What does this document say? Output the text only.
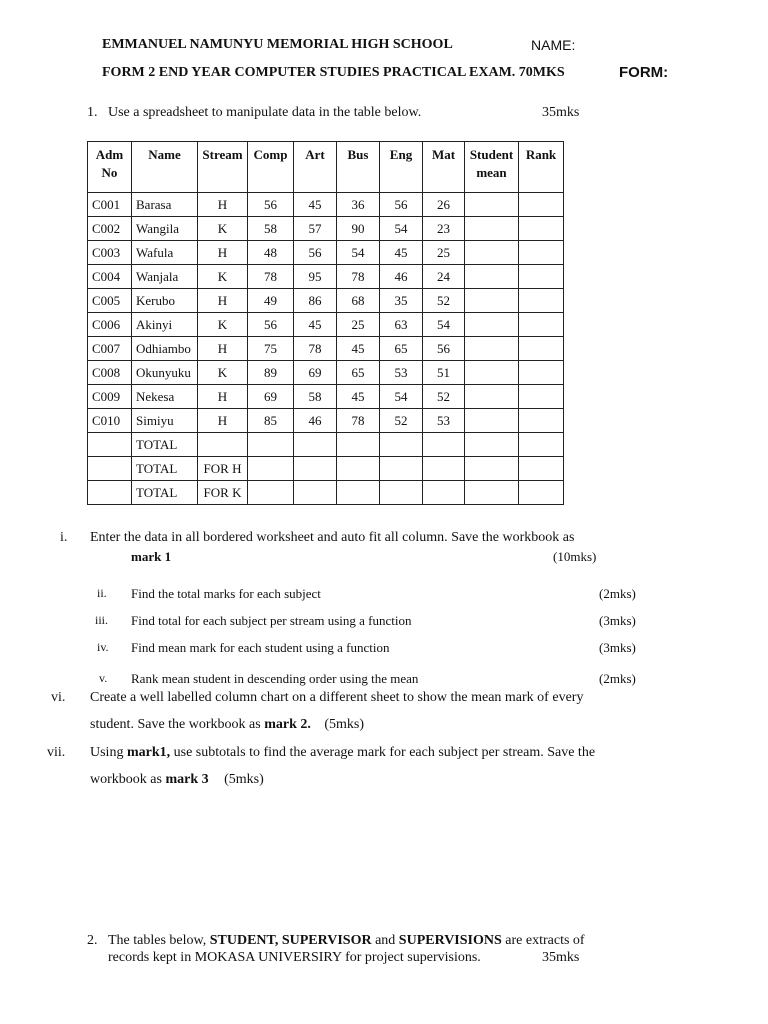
EMMANUEL NAMUNYU MEMORIAL HIGH SCHOOL	NAME:
FORM 2 END YEAR COMPUTER STUDIES PRACTICAL EXAM. 70MKS	FORM:
1. Use a spreadsheet to manipulate data in the table below.	35mks
Adm
No	Name	Stream	Comp	Art	Bus	Eng	Mat	Student mean	Rank
C001	Barasa	H	56	45	36	56	26		
C002	Wangila	K	58	57	90	54	23		
C003	Wafula	H	48	56	54	45	25		
C004	Wanjala	K	78	95	78	46	24		
C005	Kerubo	H	49	86	68	35	52		
C006	Akinyi	K	56	45	25	63	54		
C007	Odhiambo	H	75	78	45	65	56		
C008	Okunyuku	K	89	69	65	53	51		
C009	Nekesa	H	69	58	45	54	52		
C010	Simiyu	H	85	46	78	52	53		
	TOTAL								
	TOTAL	FOR H							
	TOTAL	FOR K							
i. Enter the data in all bordered worksheet and auto fit all column. Save the workbook as
mark 1	(10mks)
ii. Find the total marks for each subject	(2mks)
iii. Find total for each subject per stream using a function	(3mks)
iv. Find mean mark for each student using a function	(3mks)
v. Rank mean student in descending order using the mean	(2mks)
vi. Create a well labelled column chart on a different sheet to show the mean mark of every
student. Save the workbook as mark 2. (5mks)
vii. Using mark1, use subtotals to find the average mark for each subject per stream. Save the
workbook as mark 3 (5mks)
2. The tables below, STUDENT, SUPERVISOR and SUPERVISIONS are extracts of
records kept in MOKASA UNIVERSIRY for project supervisions.	35mks
